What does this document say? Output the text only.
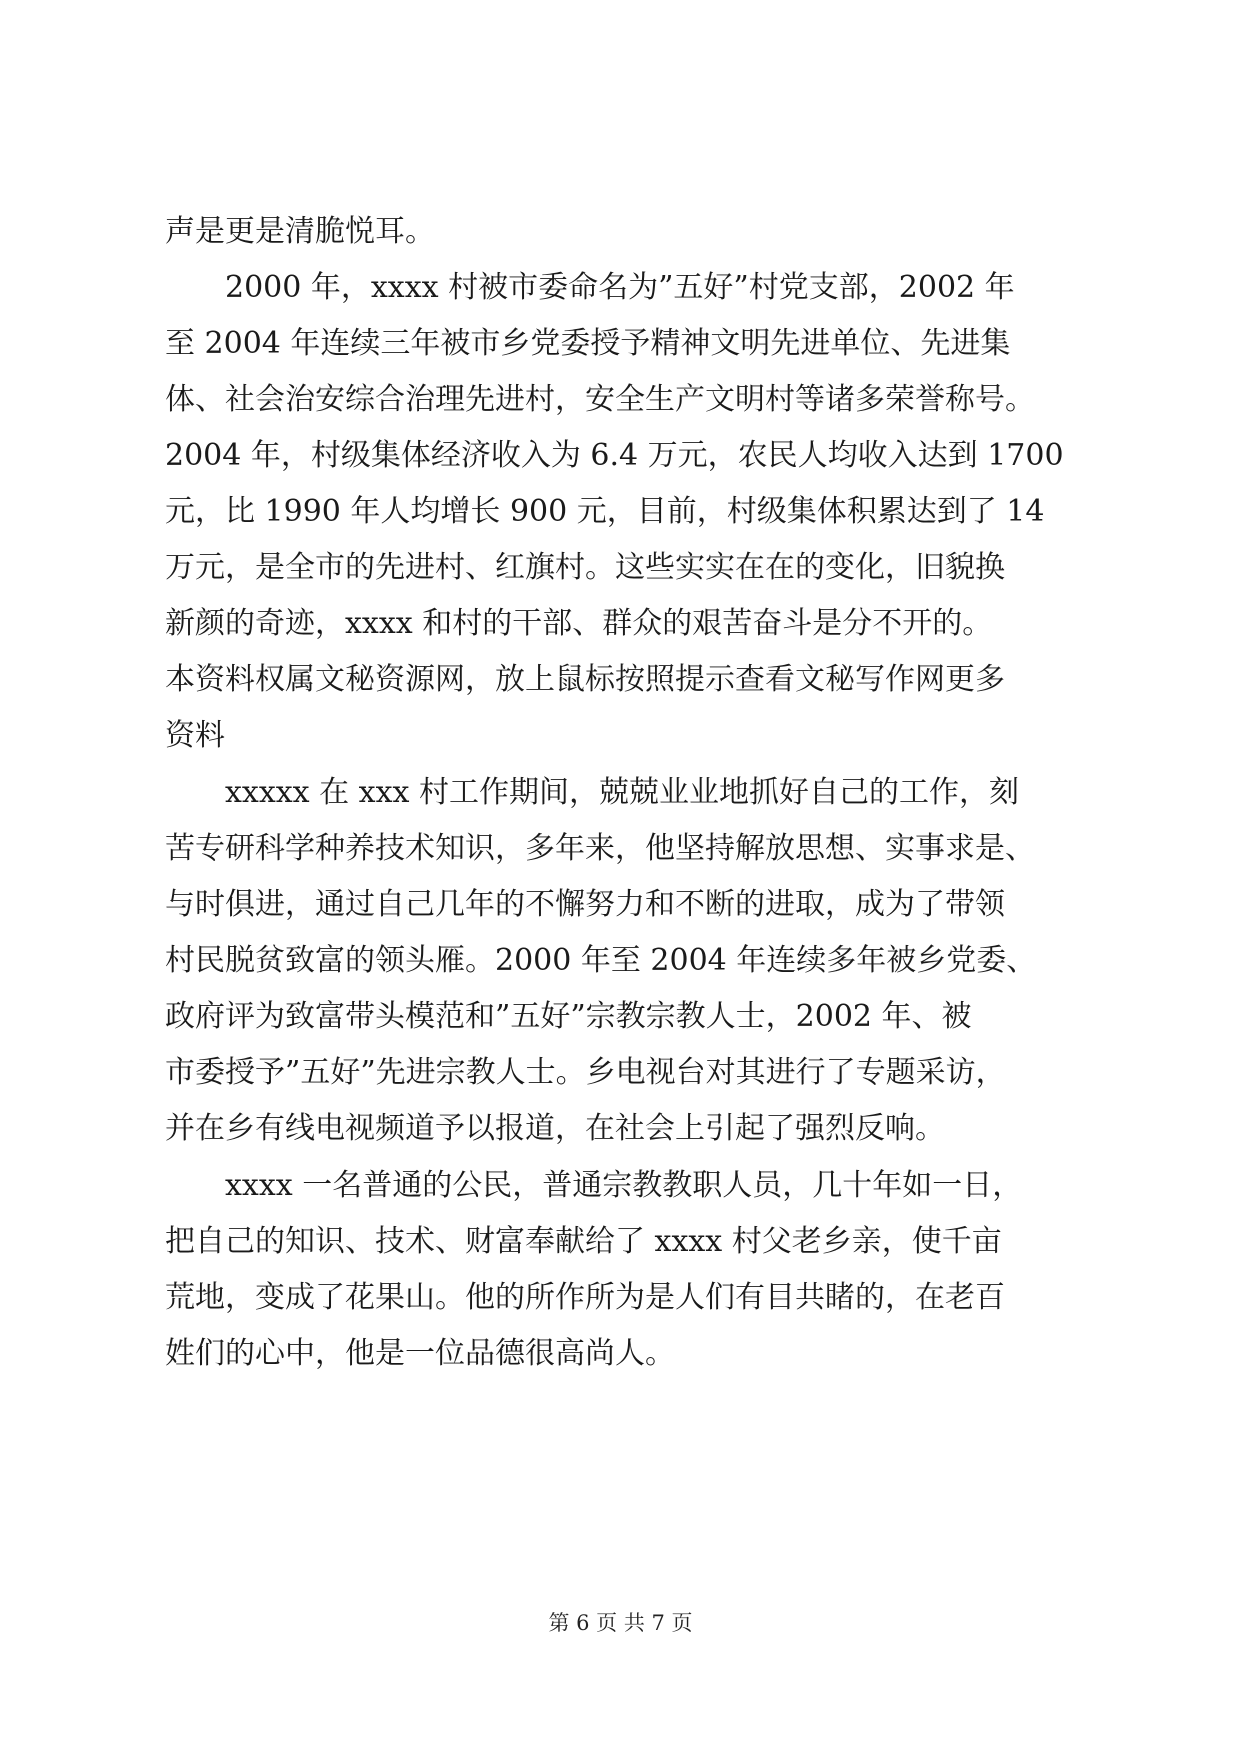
声是更是清脆悦耳。
2000 年，xxxx 村被市委命名为”五好”村党支部，2002 年
至 2004 年连续三年被市乡党委授予精神文明先进单位、先进集
体、社会治安综合治理先进村，安全生产文明村等诸多荣誉称号。
2004 年，村级集体经济收入为 6.4 万元，农民人均收入达到 1700
元，比 1990 年人均增长 900 元，目前，村级集体积累达到了 14
万元，是全市的先进村、红旗村。这些实实在在的变化，旧貌换
新颜的奇迹，xxxx 和村的干部、群众的艰苦奋斗是分不开的。
本资料权属文秘资源网，放上鼠标按照提示查看文秘写作网更多
资料
xxxxx 在 xxx 村工作期间，兢兢业业地抓好自己的工作，刻
苦专研科学种养技术知识，多年来，他坚持解放思想、实事求是、
与时俱进，通过自己几年的不懈努力和不断的进取，成为了带领
村民脱贫致富的领头雁。2000 年至 2004 年连续多年被乡党委、
政府评为致富带头模范和”五好”宗教宗教人士，2002 年、被
市委授予”五好”先进宗教人士。乡电视台对其进行了专题采访，
并在乡有线电视频道予以报道，在社会上引起了强烈反响。
xxxx 一名普通的公民，普通宗教教职人员，几十年如一日，
把自己的知识、技术、财富奉献给了 xxxx 村父老乡亲，使千亩
荒地，变成了花果山。他的所作所为是人们有目共睹的，在老百
姓们的心中，他是一位品德很高尚人。
第 6 页 共 7 页
